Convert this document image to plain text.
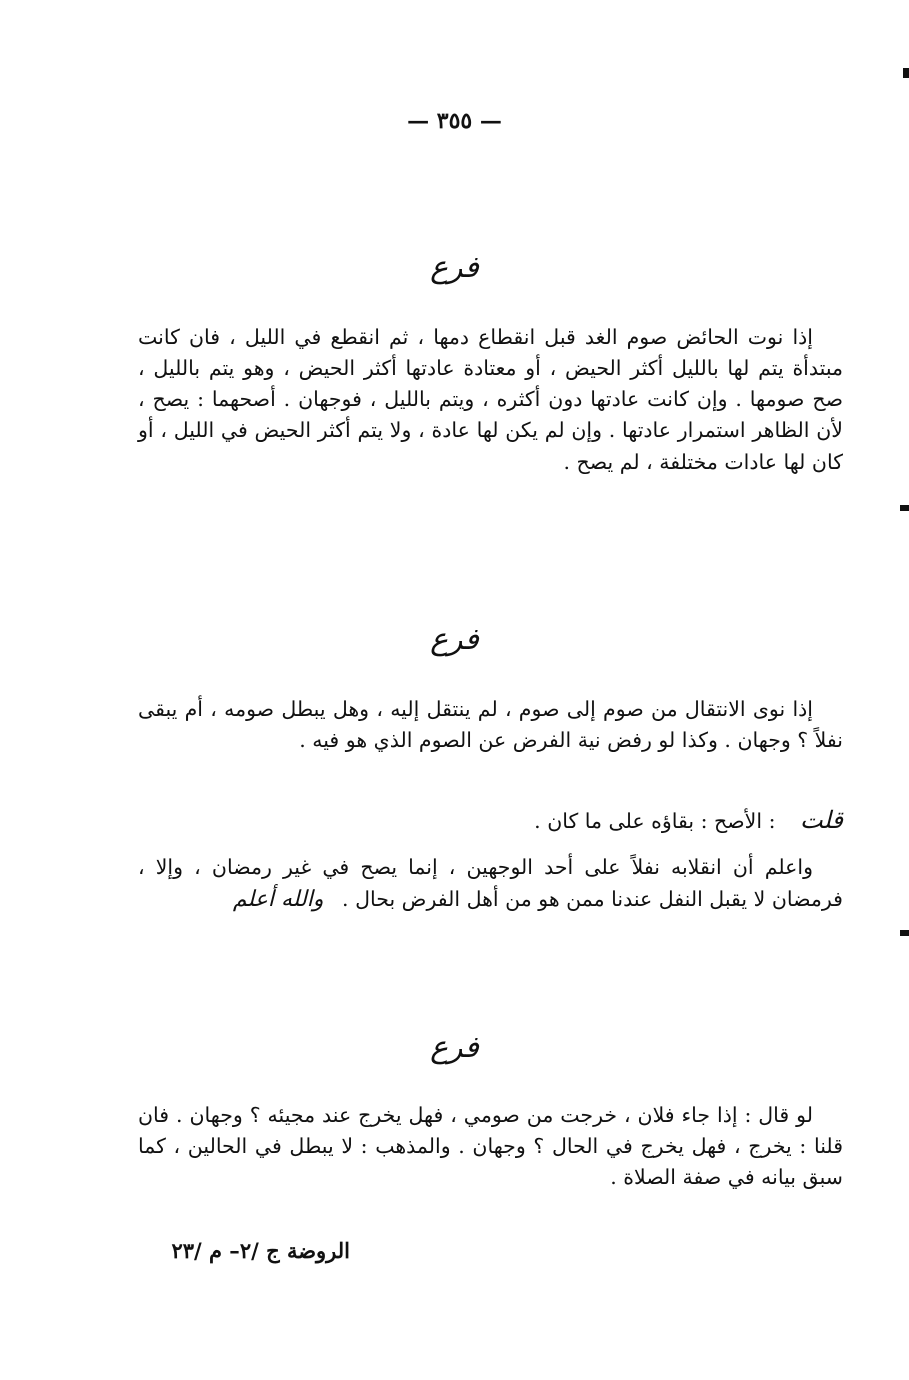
— ٣٥٥ —
فرع

إذا نوت الحائض صوم الغد قبل انقطاع دمها ، ثم انقطع في الليل ، فان كانت مبتدأة يتم لها بالليل أكثر الحيض ، أو معتادة عادتها أكثر الحيض ، وهو يتم بالليل ، صح صومها . وإن كانت عادتها دون أكثره ، ويتم بالليل ، فوجهان . أصحهما : يصح ، لأن الظاهر استمرار عادتها . وإن لم يكن لها عادة ، ولا يتم أكثر الحيض في الليل ، أو كان لها عادات مختلفة ، لم يصح .

فرع

إذا نوى الانتقال من صوم إلى صوم ، لم ينتقل إليه ، وهل يبطل صومه ، أم يبقى نفلاً ؟ وجهان . وكذا لو رفض نية الفرض عن الصوم الذي هو فيه .

قلت : الأصح : بقاؤه على ما كان .

واعلم أن انقلابه نفلاً على أحد الوجهين ، إنما يصح في غير رمضان ، وإلا ، فرمضان لا يقبل النفل عندنا ممن هو من أهل الفرض بحال . والله أعلم

فرع

لو قال : إذا جاء فلان ، خرجت من صومي ، فهل يخرج عند مجيئه ؟ وجهان . فان قلنا : يخرج ، فهل يخرج في الحال ؟ وجهان . والمذهب : لا يبطل في الحالين ، كما سبق بيانه في صفة الصلاة .

الروضة ج /٢– م /٢٣
